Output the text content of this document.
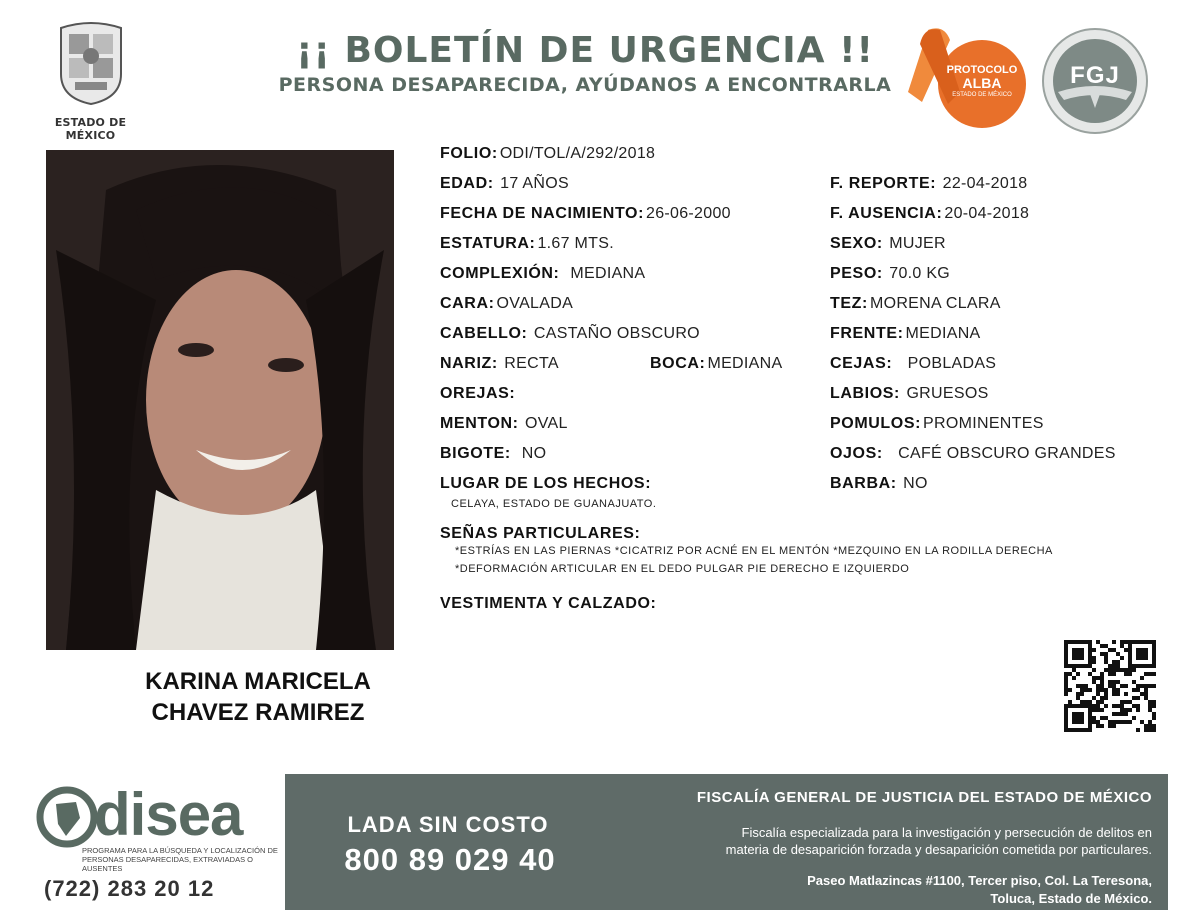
ESTADO DE MÉXICO
¡¡ BOLETÍN DE URGENCIA !!
PERSONA DESAPARECIDA, AYÚDANOS A ENCONTRARLA
PROTOCOLO
ALBA
ESTADO DE MÉXICO
FGJ
KARINA MARICELA
CHAVEZ RAMIREZ
FOLIO: ODI/TOL/A/292/2018
EDAD: 17 AÑOS
FECHA DE NACIMIENTO: 26-06-2000
ESTATURA: 1.67 MTS.
COMPLEXIÓN: MEDIANA
CARA: OVALADA
CABELLO: CASTAÑO OBSCURO
NARIZ: RECTA	BOCA: MEDIANA
OREJAS:
MENTON: OVAL
BIGOTE: NO
LUGAR DE LOS HECHOS:
CELAYA, ESTADO DE GUANAJUATO.
F. REPORTE: 22-04-2018
F. AUSENCIA: 20-04-2018
SEXO: MUJER
PESO: 70.0 KG
TEZ: MORENA CLARA
FRENTE: MEDIANA
CEJAS: POBLADAS
LABIOS: GRUESOS
POMULOS: PROMINENTES
OJOS: CAFÉ OBSCURO GRANDES
BARBA: NO
SEÑAS PARTICULARES:
*ESTRÍAS EN LAS PIERNAS *CICATRIZ POR ACNÉ EN EL MENTÓN *MEZQUINO EN LA RODILLA DERECHA
*DEFORMACIÓN ARTICULAR EN EL DEDO PULGAR PIE DERECHO E IZQUIERDO
VESTIMENTA Y CALZADO:
disea
PROGRAMA PARA LA BÚSQUEDA Y LOCALIZACIÓN DE PERSONAS DESAPARECIDAS, EXTRAVIADAS O AUSENTES
(722) 283 20 12
LADA SIN COSTO
800 89 029 40
FISCALÍA GENERAL DE JUSTICIA DEL ESTADO DE MÉXICO
Fiscalía especializada para la investigación y persecución de delitos en
materia de desaparición forzada y desaparición cometida por particulares.
Paseo Matlazincas #1100, Tercer piso, Col. La Teresona,
Toluca, Estado de México.
